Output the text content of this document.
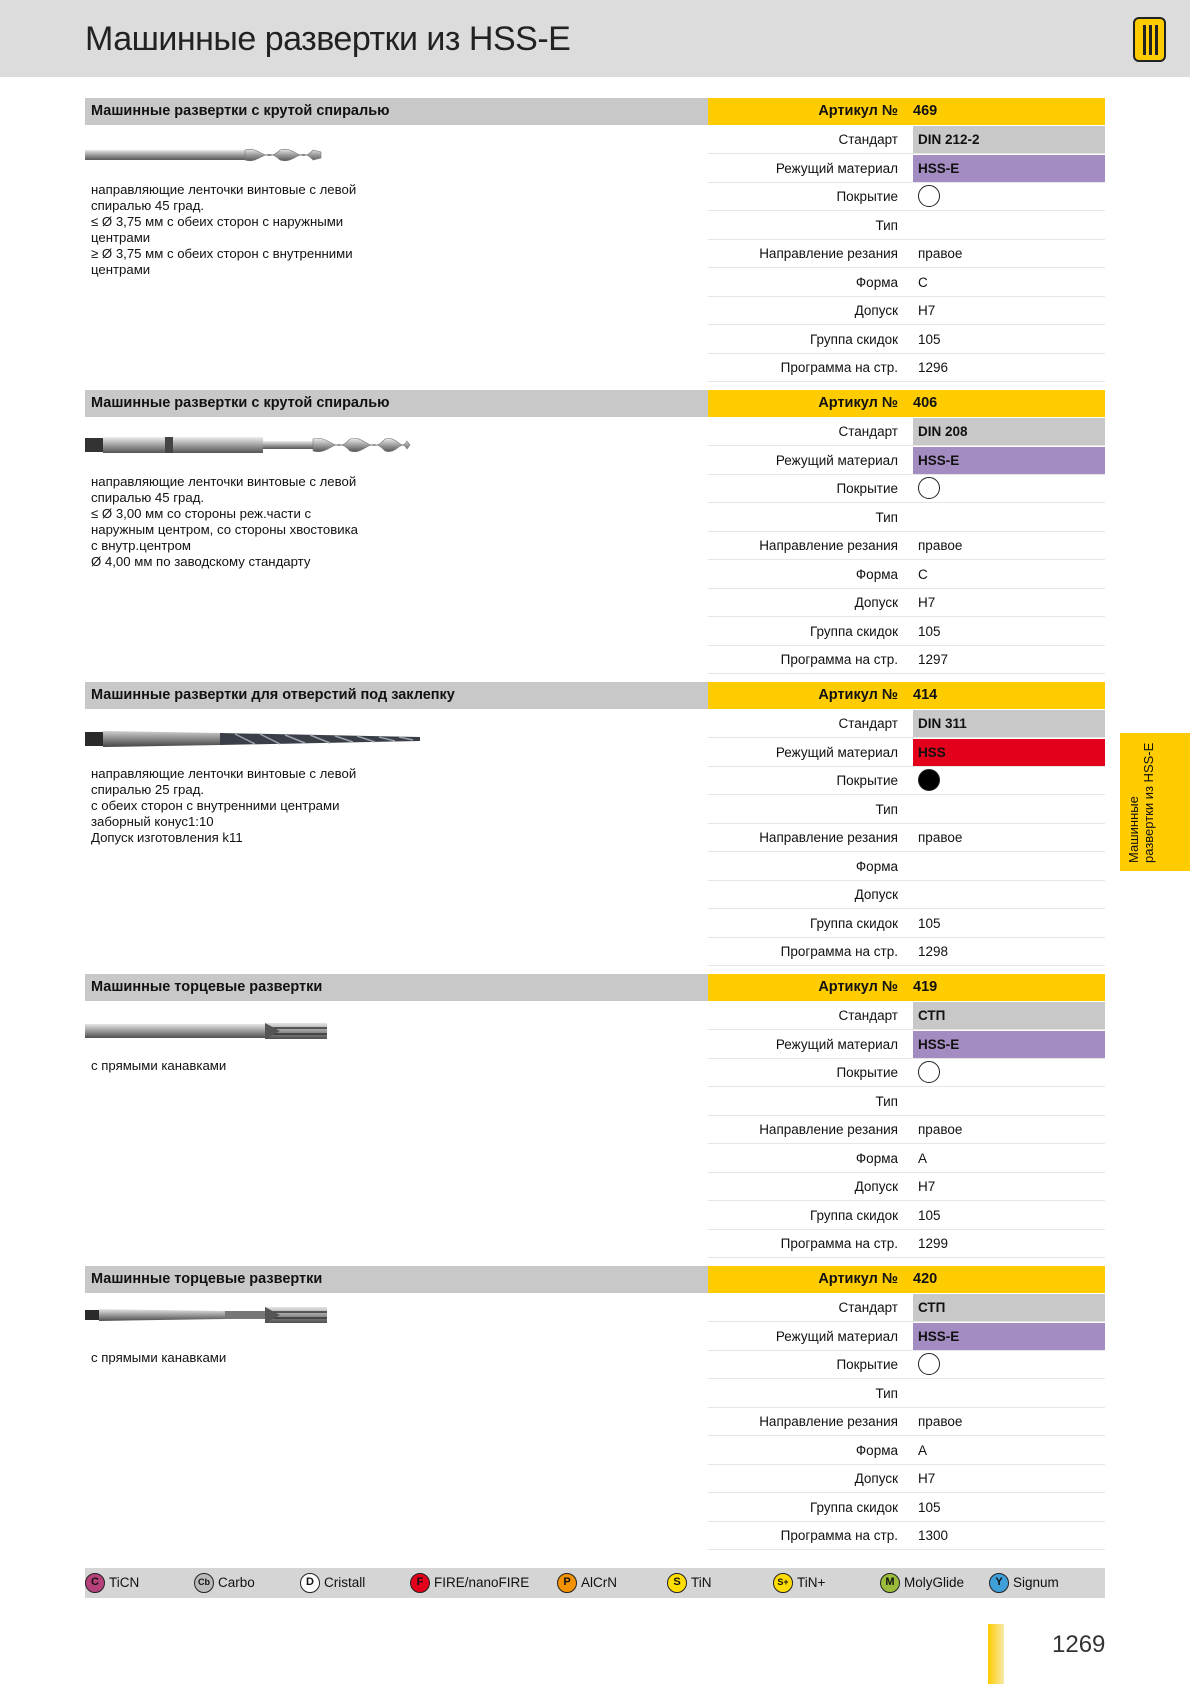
Машинные развертки из HSS-E
Машинные развертки из HSS-E
Машинные развертки с крутой спиралью	Артикул № 469
Стандарт	DIN 212-2
Режущий материал	HSS-E
Покрытие
Тип
Направление резания	правое
Форма	C
Допуск	H7
Группа скидок	105
Программа на стр.	1296
направляющие ленточки винтовые с левой
спиралью 45 град.
≤ Ø 3,75 мм с обеих сторон с наружными
центрами
≥ Ø 3,75 мм с обеих сторон с внутренними
центрами
Машинные развертки с крутой спиралью	Артикул № 406
Стандарт	DIN 208
Режущий материал	HSS-E
Покрытие
Тип
Направление резания	правое
Форма	C
Допуск	H7
Группа скидок	105
Программа на стр.	1297
направляющие ленточки винтовые с левой
спиралью 45 град.
≤ Ø 3,00 мм со стороны реж.части с
наружным центром, со стороны хвостовика
с внутр.центром
Ø 4,00 мм по заводскому стандарту
Машинные развертки для отверстий под заклепку	Артикул № 414
Стандарт	DIN 311
Режущий материал	HSS
Покрытие
Тип
Направление резания	правое
Форма
Допуск
Группа скидок	105
Программа на стр.	1298
направляющие ленточки винтовые с левой
спиралью 25 град.
с обеих сторон с внутренними центрами
заборный конус1:10
Допуск изготовления k11
Машинные торцевые развертки	Артикул № 419
Стандарт	СТП
Режущий материал	HSS-E
Покрытие
Тип
Направление резания	правое
Форма	A
Допуск	H7
Группа скидок	105
Программа на стр.	1299
с прямыми канавками
Машинные торцевые развертки	Артикул № 420
Стандарт	СТП
Режущий материал	HSS-E
Покрытие
Тип
Направление резания	правое
Форма	A
Допуск	H7
Группа скидок	105
Программа на стр.	1300
с прямыми канавками
C TiCN	Cb Carbo	D Cristall	F FIRE/nanoFIRE	P AlCrN	S TiN	S+ TiN+	M MolyGlide	Y Signum
1269
